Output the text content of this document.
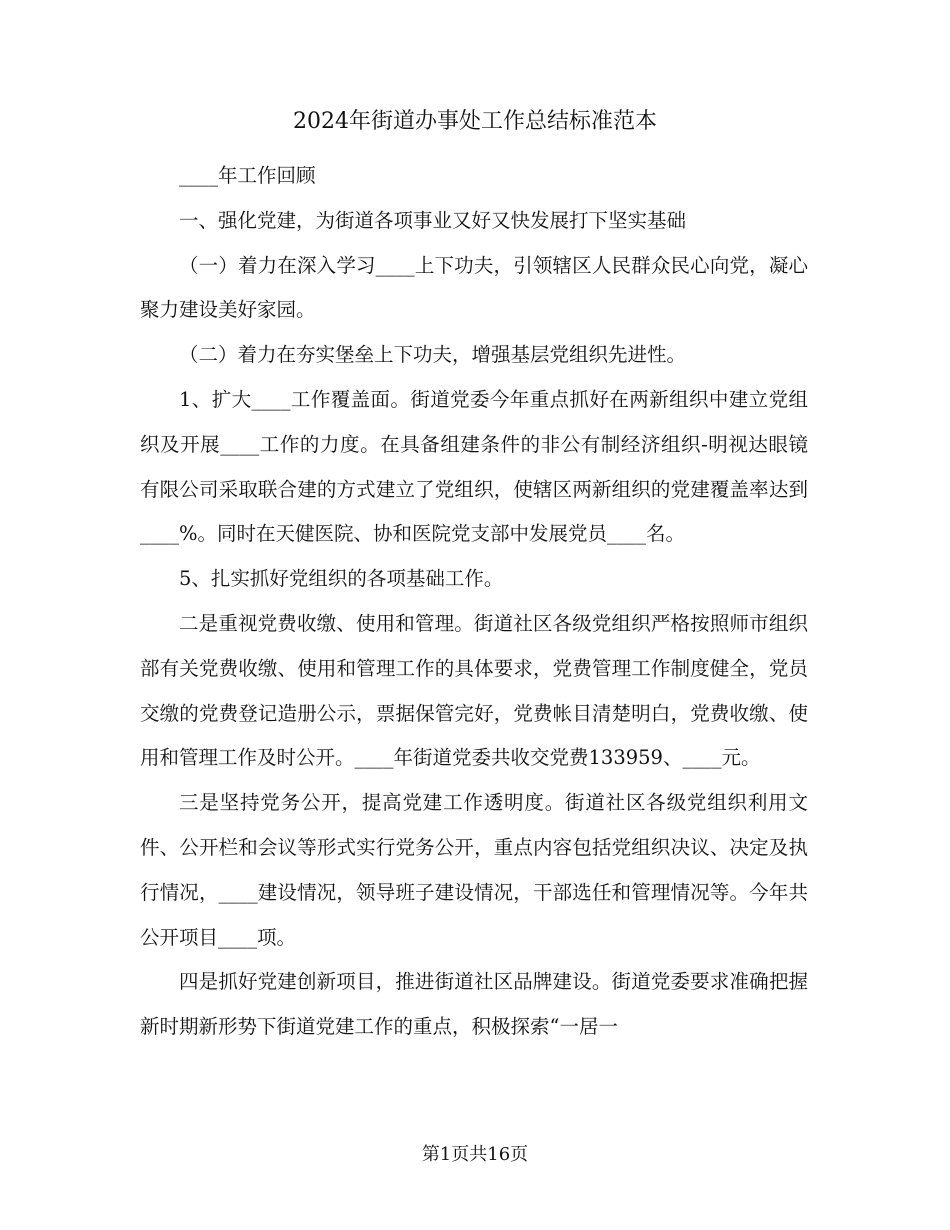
2024年街道办事处工作总结标准范本

____年工作回顾

一、强化党建，为街道各项事业又好又快发展打下坚实基础

（一）着力在深入学习____上下功夫，引领辖区人民群众民心向党，凝心聚力建设美好家园。

（二）着力在夯实堡垒上下功夫，增强基层党组织先进性。

1、扩大____工作覆盖面。街道党委今年重点抓好在两新组织中建立党组织及开展____工作的力度。在具备组建条件的非公有制经济组织-明视达眼镜有限公司采取联合建的方式建立了党组织，使辖区两新组织的党建覆盖率达到____%。同时在天健医院、协和医院党支部中发展党员____名。

5、扎实抓好党组织的各项基础工作。

二是重视党费收缴、使用和管理。街道社区各级党组织严格按照师市组织部有关党费收缴、使用和管理工作的具体要求，党费管理工作制度健全，党员交缴的党费登记造册公示，票据保管完好，党费帐目清楚明白，党费收缴、使用和管理工作及时公开。____年街道党委共收交党费133959、____元。

三是坚持党务公开，提高党建工作透明度。街道社区各级党组织利用文件、公开栏和会议等形式实行党务公开，重点内容包括党组织决议、决定及执行情况，____建设情况，领导班子建设情况，干部选任和管理情况等。今年共公开项目____项。

四是抓好党建创新项目，推进街道社区品牌建设。街道党委要求准确把握新时期新形势下街道党建工作的重点，积极探索“一居一

第1页共16页
